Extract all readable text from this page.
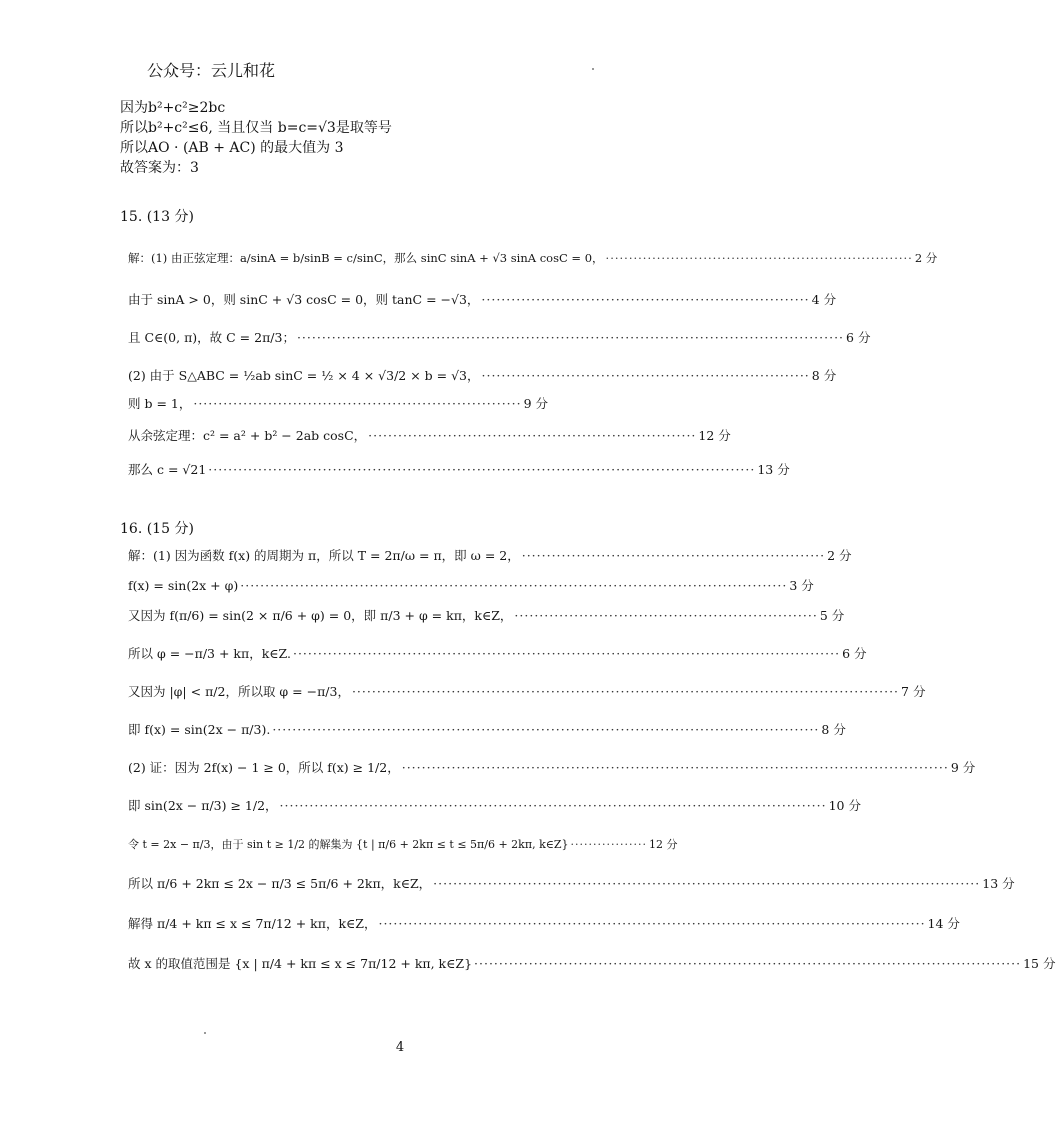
公众号：云儿和花
因为b²+c²≥2bc
所以b²+c²≤6, 当且仅当 b=c=√3是取等号
所以AO · (AB + AC) 的最大值为 3
故答案为：3
15. (13 分)
解：(1) 由正弦定理：a/sinA = b/sinB = c/sinC，那么 sinC sinA + √3 sinA cosC = 0， ·································································· 2 分
由于 sinA > 0，则 sinC + √3 cosC = 0，则 tanC = −√3， ·································································· 4 分
且 C∈(0, π)，故 C = 2π/3； ·············································································································· 6 分
(2) 由于 S△ABC = ½ab sinC = ½ × 4 × √3/2 × b = √3， ·································································· 8 分
则 b = 1， ·································································· 9 分
从余弦定理：c² = a² + b² − 2ab cosC， ·································································· 12 分
那么 c = √21 ·············································································································· 13 分
16. (15 分)
解：(1) 因为函数 f(x) 的周期为 π，所以 T = 2π/ω = π，即 ω = 2， ····························································· 2 分
f(x) = sin(2x + φ) ·············································································································· 3 分
又因为 f(π/6) = sin(2 × π/6 + φ) = 0，即 π/3 + φ = kπ，k∈Z， ····························································· 5 分
所以 φ = −π/3 + kπ，k∈Z. ·············································································································· 6 分
又因为 |φ| < π/2，所以取 φ = −π/3， ·············································································································· 7 分
即 f(x) = sin(2x − π/3). ·············································································································· 8 分
(2) 证：因为 2f(x) − 1 ≥ 0，所以 f(x) ≥ 1/2， ·············································································································· 9 分
即 sin(2x − π/3) ≥ 1/2， ·············································································································· 10 分
令 t = 2x − π/3，由于 sin t ≥ 1/2 的解集为 {t | π/6 + 2kπ ≤ t ≤ 5π/6 + 2kπ, k∈Z} ················· 12 分
所以 π/6 + 2kπ ≤ 2x − π/3 ≤ 5π/6 + 2kπ，k∈Z， ·············································································································· 13 分
解得 π/4 + kπ ≤ x ≤ 7π/12 + kπ，k∈Z， ·············································································································· 14 分
故 x 的取值范围是 {x | π/4 + kπ ≤ x ≤ 7π/12 + kπ, k∈Z} ·············································································································· 15 分
4
